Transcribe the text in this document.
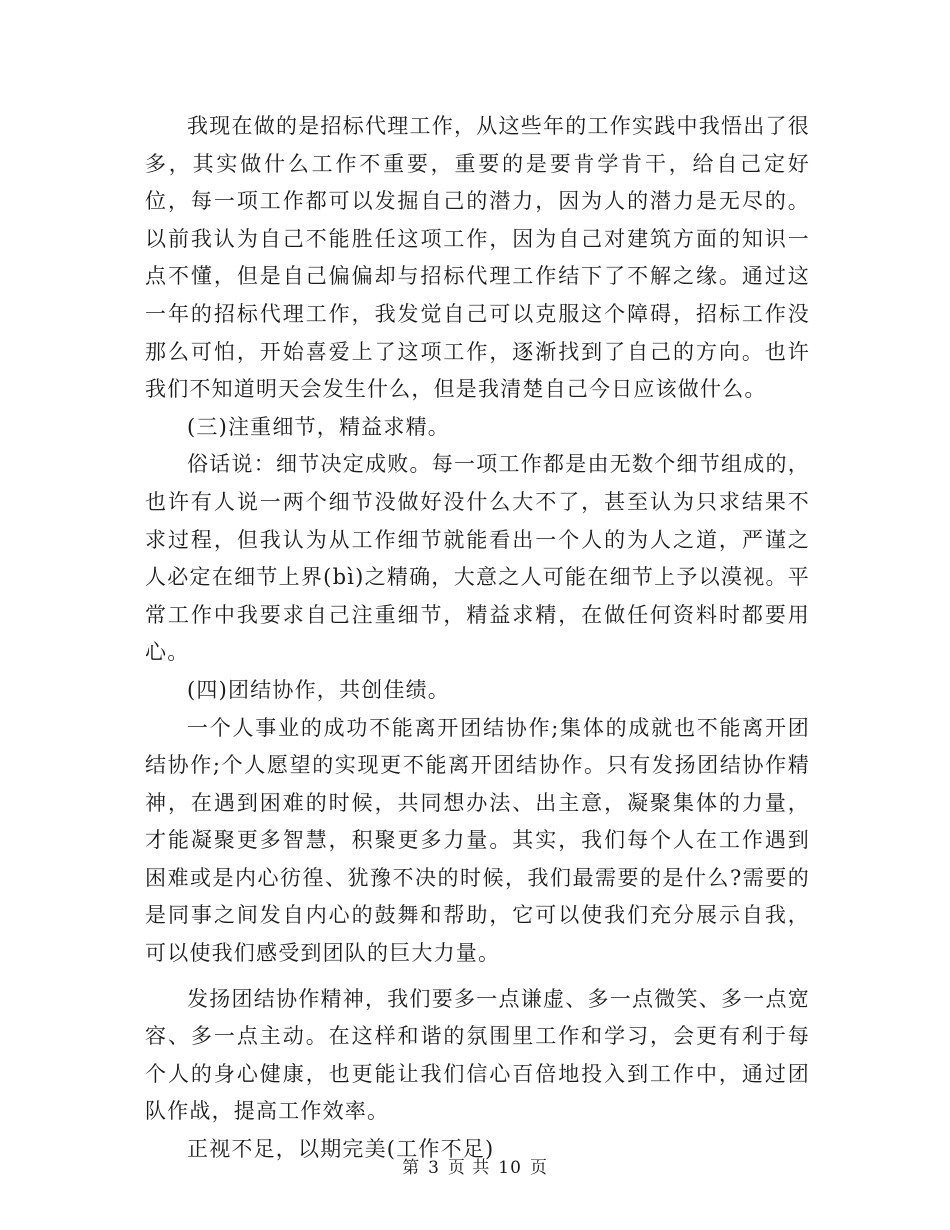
我现在做的是招标代理工作，从这些年的工作实践中我悟出了很多，其实做什么工作不重要，重要的是要肯学肯干，给自己定好位，每一项工作都可以发掘自己的潜力，因为人的潜力是无尽的。以前我认为自己不能胜任这项工作，因为自己对建筑方面的知识一点不懂，但是自己偏偏却与招标代理工作结下了不解之缘。通过这一年的招标代理工作，我发觉自己可以克服这个障碍，招标工作没那么可怕，开始喜爱上了这项工作，逐渐找到了自己的方向。也许我们不知道明天会发生什么，但是我清楚自己今日应该做什么。

(三)注重细节，精益求精。

俗话说：细节决定成败。每一项工作都是由无数个细节组成的，也许有人说一两个细节没做好没什么大不了，甚至认为只求结果不求过程，但我认为从工作细节就能看出一个人的为人之道，严谨之人必定在细节上界(bì)之精确，大意之人可能在细节上予以漠视。平常工作中我要求自己注重细节，精益求精，在做任何资料时都要用心。

(四)团结协作，共创佳绩。

一个人事业的成功不能离开团结协作;集体的成就也不能离开团结协作;个人愿望的实现更不能离开团结协作。只有发扬团结协作精神，在遇到困难的时候，共同想办法、出主意，凝聚集体的力量，才能凝聚更多智慧，积聚更多力量。其实，我们每个人在工作遇到困难或是内心彷徨、犹豫不决的时候，我们最需要的是什么?需要的是同事之间发自内心的鼓舞和帮助，它可以使我们充分展示自我，可以使我们感受到团队的巨大力量。

发扬团结协作精神，我们要多一点谦虚、多一点微笑、多一点宽容、多一点主动。在这样和谐的氛围里工作和学习，会更有利于每个人的身心健康，也更能让我们信心百倍地投入到工作中，通过团队作战，提高工作效率。

正视不足，以期完美(工作不足)

第 3 页 共 10 页
